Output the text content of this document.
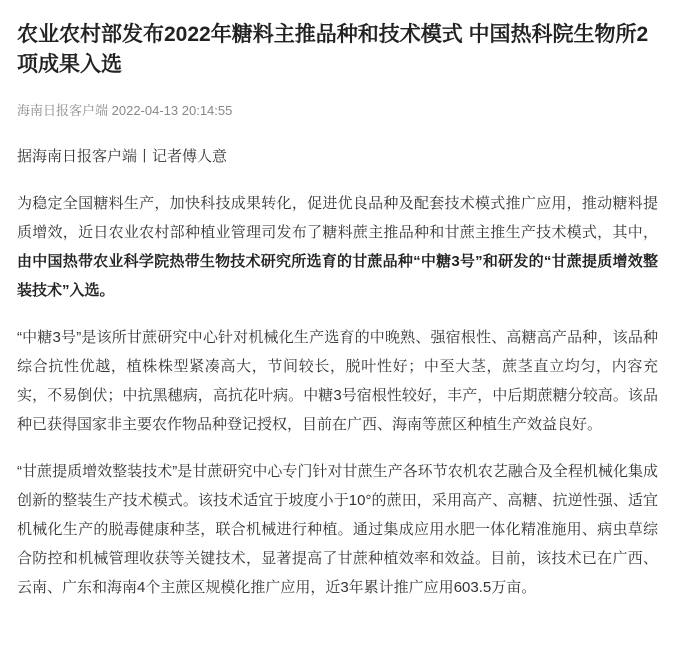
农业农村部发布2022年糖料主推品种和技术模式 中国热科院生物所2项成果入选
海南日报客户端 2022-04-13 20:14:55
据海南日报客户端丨记者傅人意

为稳定全国糖料生产，加快科技成果转化，促进优良品种及配套技术模式推广应用，推动糖料提质增效，近日农业农村部种植业管理司发布了糖料蔗主推品种和甘蔗主推生产技术模式，其中，由中国热带农业科学院热带生物技术研究所选育的甘蔗品种“中糖3号”和研发的“甘蔗提质增效整装技术”入选。

“中糖3号”是该所甘蔗研究中心针对机械化生产选育的中晚熟、强宿根性、高糖高产品种，该品种综合抗性优越，植株株型紧凑高大，节间较长，脱叶性好；中至大茎，蔗茎直立均匀，内容充实，不易倒伏；中抗黑穗病，高抗花叶病。中糖3号宿根性较好，丰产，中后期蔗糖分较高。该品种已获得国家非主要农作物品种登记授权，目前在广西、海南等蔗区种植生产效益良好。

“甘蔗提质增效整装技术”是甘蔗研究中心专门针对甘蔗生产各环节农机农艺融合及全程机械化集成创新的整装生产技术模式。该技术适宜于坡度小于10°的蔗田，采用高产、高糖、抗逆性强、适宜机械化生产的脱毒健康种茎，联合机械进行种植。通过集成应用水肥一体化精准施用、病虫草综合防控和机械管理收获等关键技术，显著提高了甘蔗种植效率和效益。目前，该技术已在广西、云南、广东和海南4个主蔗区规模化推广应用，近3年累计推广应用603.5万亩。
